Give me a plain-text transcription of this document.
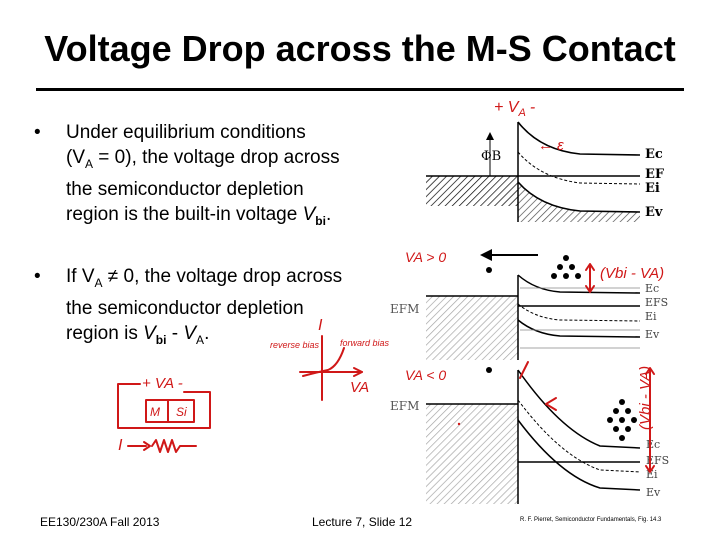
Voltage Drop across the M-S Contact
• Under equilibrium conditions
$(V_A = 0)$, the voltage drop across
the semiconductor depletion
region is the built-in voltage $V_{bi}$.
• If $V_A \ne 0$, the voltage drop across
the semiconductor depletion
region is $V_{bi} - V_A$.
ΦB	Ec
EF
Ei
Ev
+ $V_A$ -
← ε
EFM
Ec
EFS
Ei
Ev
VA > 0
(Vbi - VA)
EFM
Ec
EFS
Ei
Ev
VA < 0	(Vbi - VA)
I
VA
reverse bias forward bias
M Si
+ VA -
I
EE130/230A Fall 2013	Lecture 7, Slide 12	R. F. Pierret, Semiconductor Fundamentals, Fig. 14.3
